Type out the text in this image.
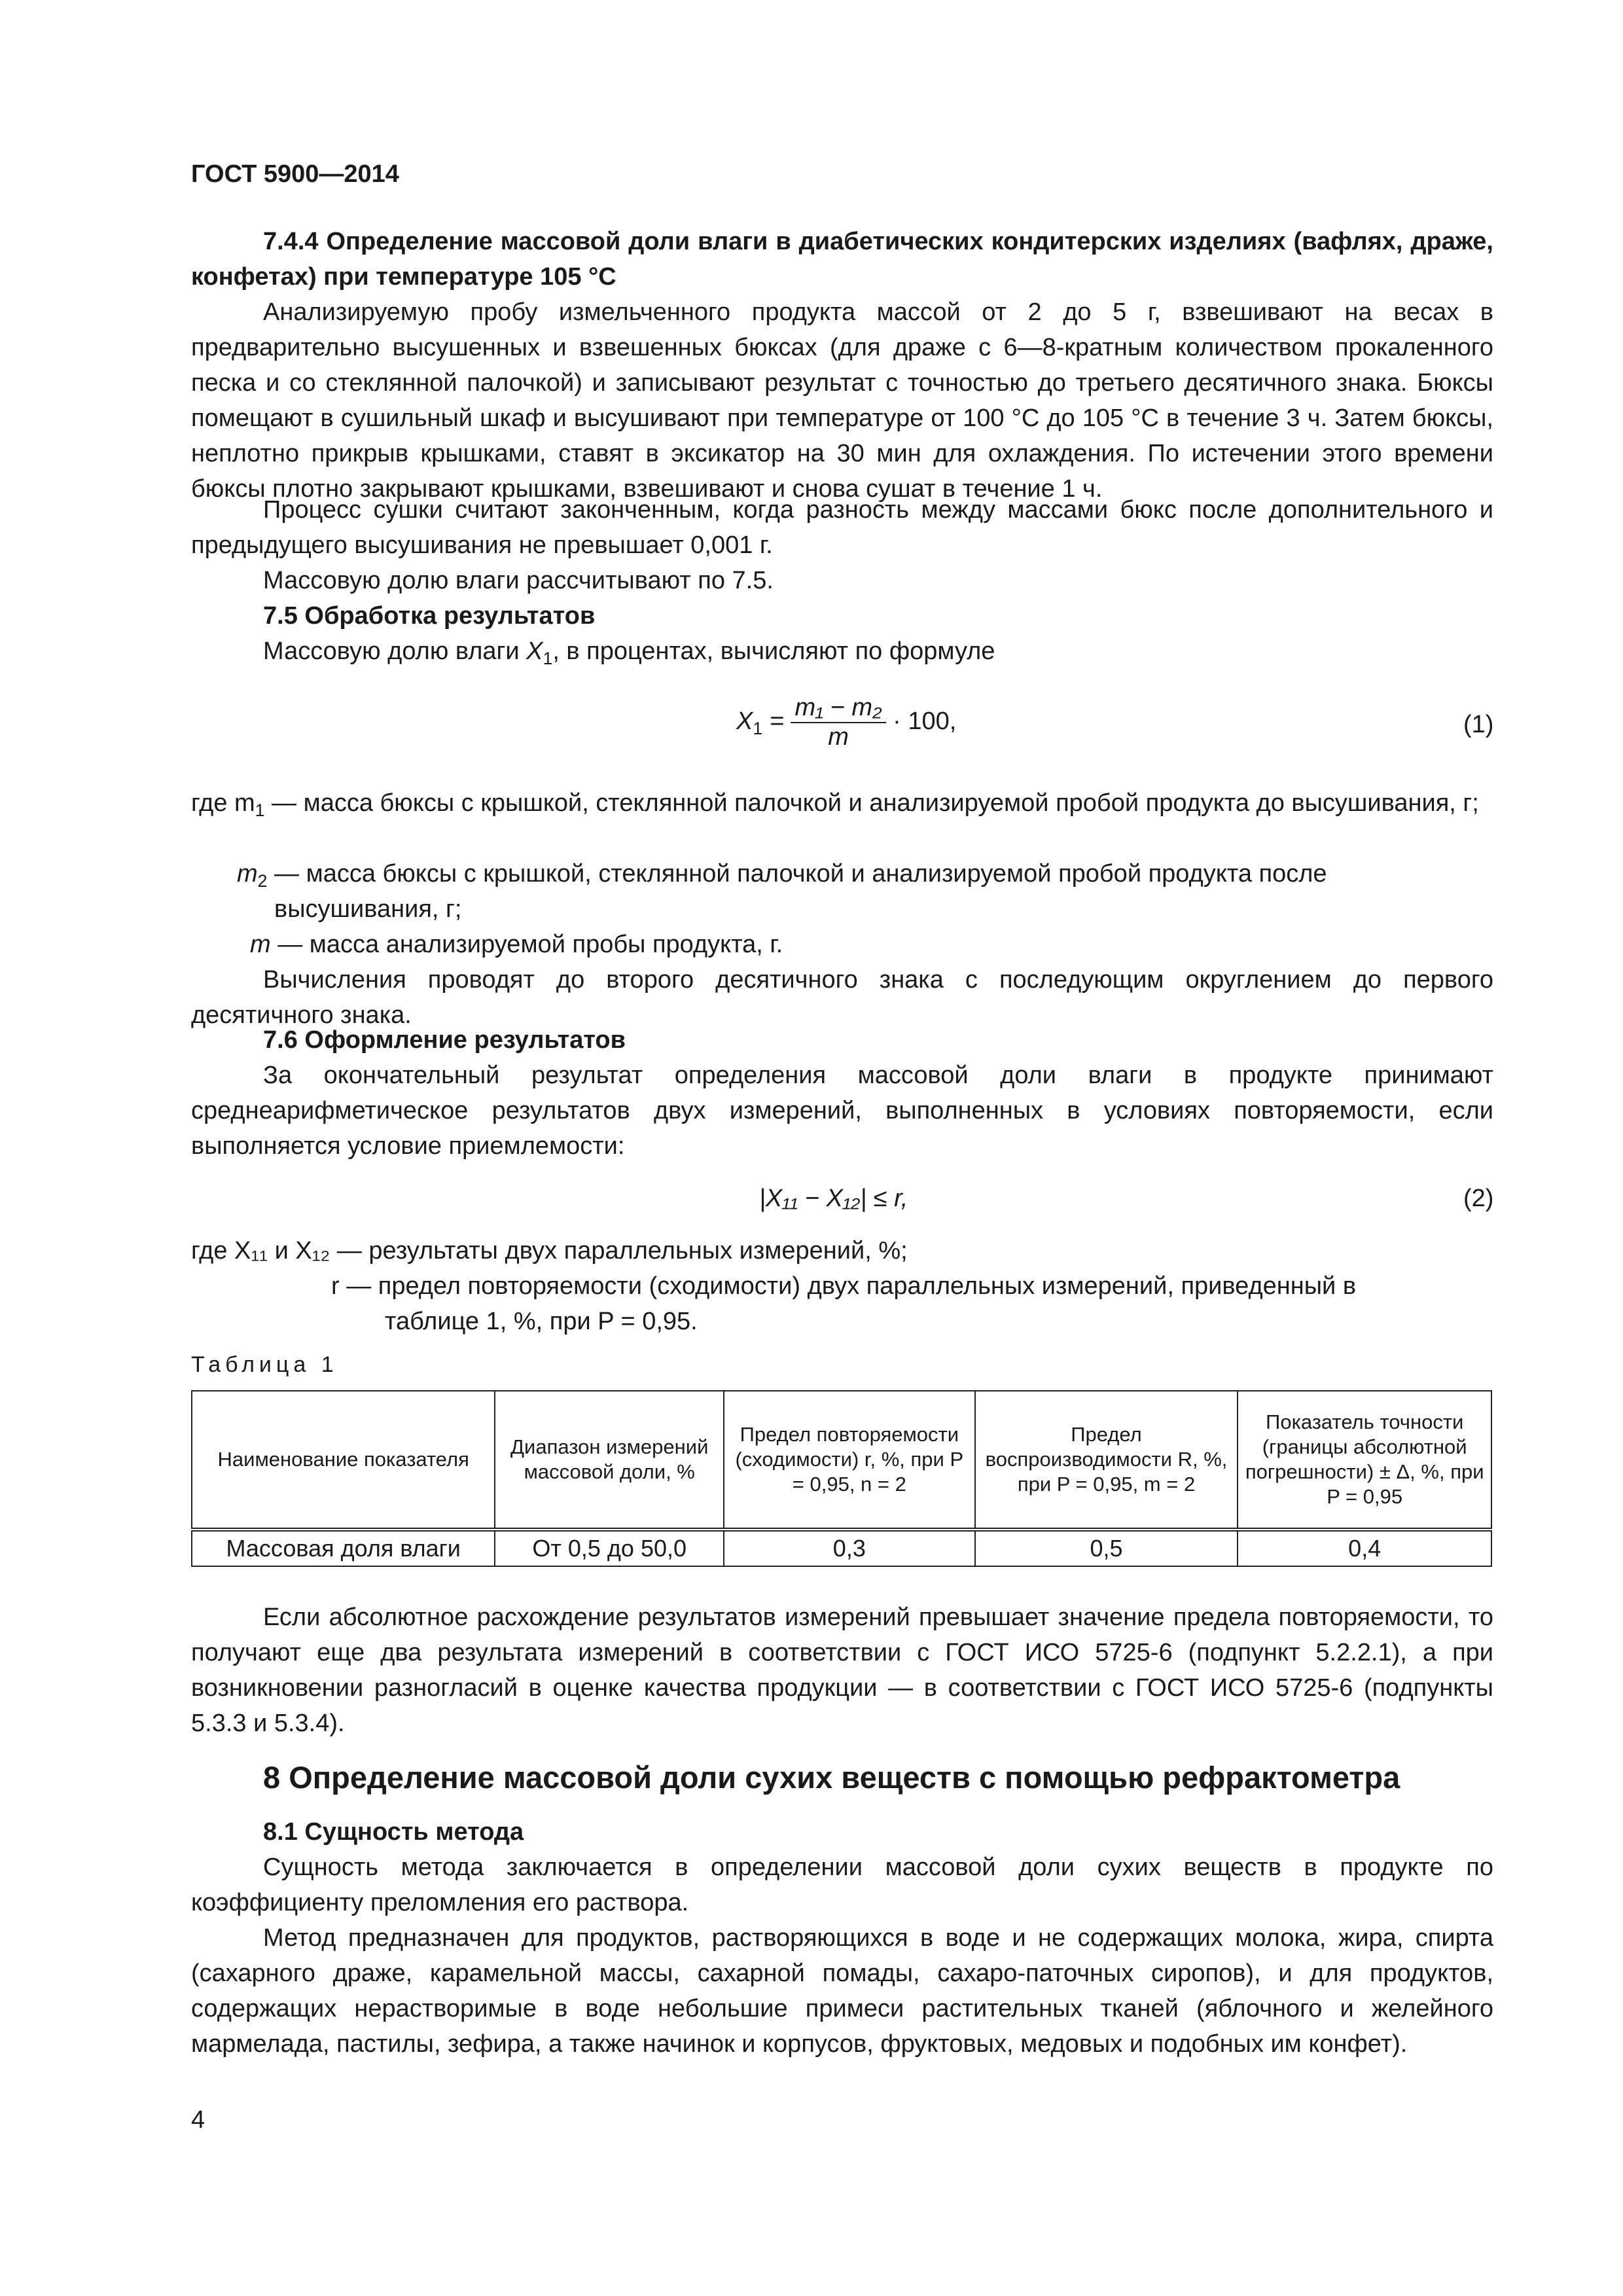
ГОСТ 5900—2014
7.4.4 Определение массовой доли влаги в диабетических кондитерских изделиях (вафлях, драже, конфетах) при температуре 105 °С

Анализируемую пробу измельченного продукта массой от 2 до 5 г, взвешивают на весах в предварительно высушенных и взвешенных бюксах (для драже с 6—8-кратным количеством прокаленного песка и со стеклянной палочкой) и записывают результат с точностью до третьего десятичного знака. Бюксы помещают в сушильный шкаф и высушивают при температуре от 100 °С до 105 °С в течение 3 ч. Затем бюксы, неплотно прикрыв крышками, ставят в эксикатор на 30 мин для охлаждения. По истечении этого времени бюксы плотно закрывают крышками, взвешивают и снова сушат в течение 1 ч.

Процесс сушки считают законченным, когда разность между массами бюкс после дополнительного и предыдущего высушивания не превышает 0,001 г.

Массовую долю влаги рассчитывают по 7.5.

7.5 Обработка результатов
Массовую долю влаги $X_1$, в процентах, вычисляют по формуле
$X_1 = \frac{\text{m₁ − m₂}}{m} \cdot 100$,	(1)
где $m_1$ — масса бюксы с крышкой, стеклянной палочкой и анализируемой пробой продукта до высушивания, г;
$m_2$ — масса бюксы с крышкой, стеклянной палочкой и анализируемой пробой продукта после высушивания, г;
m — масса анализируемой пробы продукта, г.

Вычисления проводят до второго десятичного знака с последующим округлением до первого десятичного знака.

7.6 Оформление результатов

За окончательный результат определения массовой доли влаги в продукте принимают среднеарифметическое результатов двух измерений, выполненных в условиях повторяемости, если выполняется условие приемлемости:

|X₁₁ − X₁₂| ≤ r,	(2)
где X₁₁ и X₁₂ — результаты двух параллельных измерений, %;
r — предел повторяемости (сходимости) двух параллельных измерений, приведенный в
таблице 1, %, при P = 0,95.
Таблица 1
Наименование показателя	Диапазон измерений массовой доли, %	Предел повторяемости (сходимости) r, %, при P = 0,95, n = 2	Предел воспроизводимости R, %, при P = 0,95, m = 2	Показатель точности (границы абсолютной погрешности) ± Δ, %, при P = 0,95
Массовая доля влаги	От 0,5 до 50,0	0,3	0,5	0,4

Если абсолютное расхождение результатов измерений превышает значение предела повторяемости, то получают еще два результата измерений в соответствии с ГОСТ ИСО 5725-6 (подпункт 5.2.2.1), а при возникновении разногласий в оценке качества продукции — в соответствии с ГОСТ ИСО 5725-6 (подпункты 5.3.3 и 5.3.4).

8 Определение массовой доли сухих веществ с помощью рефрактометра
8.1 Сущность метода

Сущность метода заключается в определении массовой доли сухих веществ в продукте по коэффициенту преломления его раствора.

Метод предназначен для продуктов, растворяющихся в воде и не содержащих молока, жира, спирта (сахарного драже, карамельной массы, сахарной помады, сахаро-паточных сиропов), и для продуктов, содержащих нерастворимые в воде небольшие примеси растительных тканей (яблочного и желейного мармелада, пастилы, зефира, а также начинок и корпусов, фруктовых, медовых и подобных им конфет).

4
